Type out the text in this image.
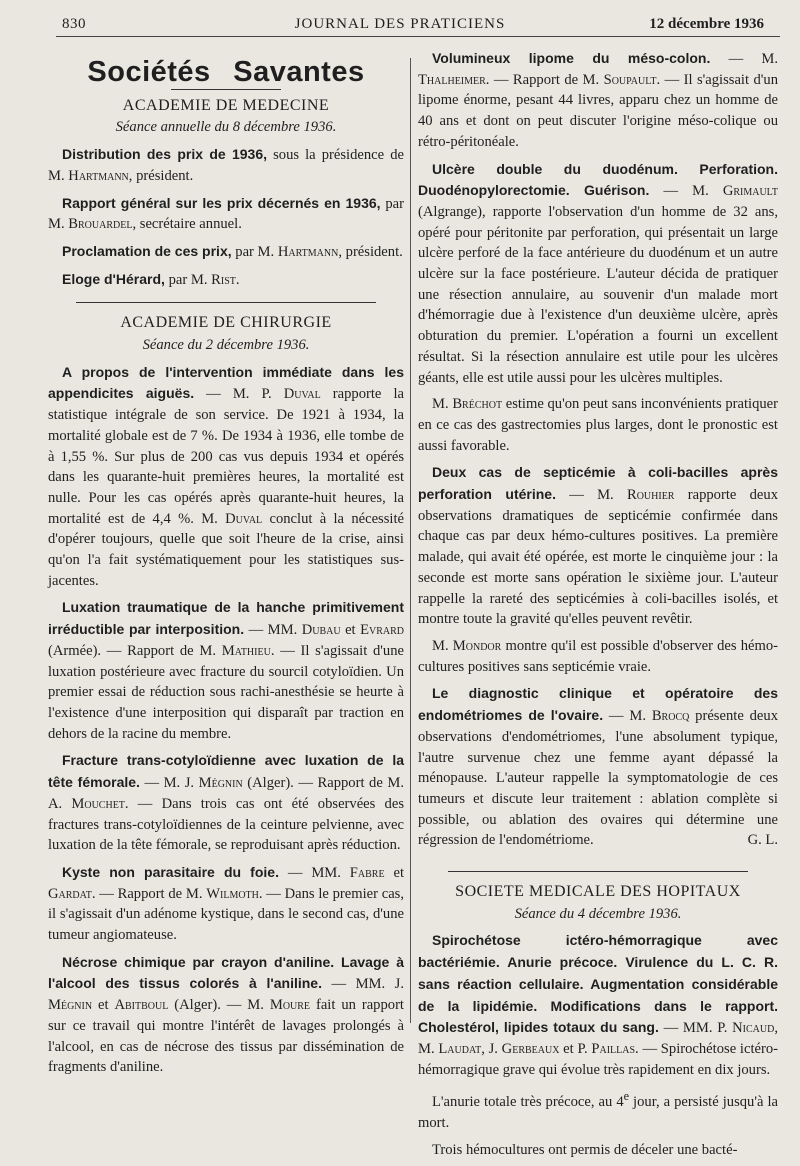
830	JOURNAL DES PRATICIENS	12 décembre 1936
Sociétés Savantes
ACADEMIE DE MEDECINE
Séance annuelle du 8 décembre 1936.

Distribution des prix de 1936, sous la présidence de M. Hartmann, président.

Rapport général sur les prix décernés en 1936, par M. Brouardel, secrétaire annuel.

Proclamation de ces prix, par M. Hartmann, président.

Eloge d'Hérard, par M. Rist.

ACADEMIE DE CHIRURGIE
Séance du 2 décembre 1936.

A propos de l'intervention immédiate dans les appendicites aiguës. — M. P. Duval rapporte la statistique intégrale de son service. De 1921 à 1934, la mortalité globale est de 7 %. De 1934 à 1936, elle tombe de à 1,55 %. Sur plus de 200 cas vus depuis 1934 et opérés dans les quarante-huit premières heures, la mortalité est nulle. Pour les cas opérés après quarante-huit heures, la mortalité est de 4,4 %. M. Duval conclut à la nécessité d'opérer toujours, quelle que soit l'heure de la crise, ainsi qu'on l'a fait systématiquement pour les statistiques sus-jacentes.

Luxation traumatique de la hanche primitivement irréductible par interposition. — MM. Dubau et Evrard (Armée). — Rapport de M. Mathieu. — Il s'agissait d'une luxation postérieure avec fracture du sourcil cotyloïdien. Un premier essai de réduction sous rachi-anesthésie se heurte à l'existence d'une interposition qui disparaît par traction en dehors de la racine du membre.

Fracture trans-cotyloïdienne avec luxation de la tête fémorale. — M. J. Mégnin (Alger). — Rapport de M. A. Mouchet. — Dans trois cas ont été observées des fractures trans-cotyloïdiennes de la ceinture pelvienne, avec luxation de la tête fémorale, se reproduisant après réduction.

Kyste non parasitaire du foie. — MM. Fabre et Gardat. — Rapport de M. Wilmoth. — Dans le premier cas, il s'agissait d'un adénome kystique, dans le second cas, d'une tumeur angiomateuse.

Nécrose chimique par crayon d'aniline. Lavage à l'alcool des tissus colorés à l'aniline. — MM. J. Mégnin et Abitboul (Alger). — M. Moure fait un rapport sur ce travail qui montre l'intérêt de lavages prolongés à l'alcool, en cas de nécrose des tissus par dissémination de fragments d'aniline.

Volumineux lipome du méso-colon. — M. Thalheimer. — Rapport de M. Soupault. — Il s'agissait d'un lipome énorme, pesant 44 livres, apparu chez un homme de 40 ans et dont on peut discuter l'origine méso-colique ou rétro-péritonéale.

Ulcère double du duodénum. Perforation. Duodénopylorectomie. Guérison. — M. Grimault (Algrange), rapporte l'observation d'un homme de 32 ans, opéré pour péritonite par perforation, qui présentait un large ulcère perforé de la face antérieure du duodénum et un autre ulcère sur la face postérieure. L'auteur décida de pratiquer une résection annulaire, au souvenir d'un malade mort d'hémorragie due à l'existence d'un deuxième ulcère, après obturation du premier. L'opération a fourni un excellent résultat. Si la résection annulaire est utile pour les ulcères géants, elle est utile aussi pour les ulcères multiples.

M. Bréchot estime qu'on peut sans inconvénients pratiquer en ce cas des gastrectomies plus larges, dont le pronostic est aussi favorable.

Deux cas de septicémie à coli-bacilles après perforation utérine. — M. Rouhier rapporte deux observations dramatiques de septicémie confirmée dans chaque cas par deux hémo-cultures positives. La première malade, qui avait été opérée, est morte le cinquième jour : la seconde est morte sans opération le sixième jour. L'auteur rappelle la rareté des septicémies à coli-bacilles isolés, et montre toute la gravité qu'elles peuvent revêtir.

M. Mondor montre qu'il est possible d'observer des hémo-cultures positives sans septicémie vraie.

Le diagnostic clinique et opératoire des endométriomes de l'ovaire. — M. Brocq présente deux observations d'endométriomes, l'une absolument typique, l'autre survenue chez une femme ayant dépassé la ménopause. L'auteur rappelle la symptomatologie de ces tumeurs et discute leur traitement : ablation complète si possible, ou ablation des ovaires qui détermine une régression de l'endométriome.	G. L.

SOCIETE MEDICALE DES HOPITAUX
Séance du 4 décembre 1936.

Spirochétose ictéro-hémorragique avec bactériémie. Anurie précoce. Virulence du L. C. R. sans réaction cellulaire. Augmentation considérable de la lipidémie. Modifications dans le rapport. Cholestérol, lipides totaux du sang. — MM. P. Nicaud, M. Laudat, J. Gerbeaux et P. Paillas. — Spirochétose ictéro-hémorragique grave qui évolue très rapidement en dix jours.

L'anurie totale très précoce, au 4e jour, a persisté jusqu'à la mort.

Trois hémocultures ont permis de déceler une bacté-
